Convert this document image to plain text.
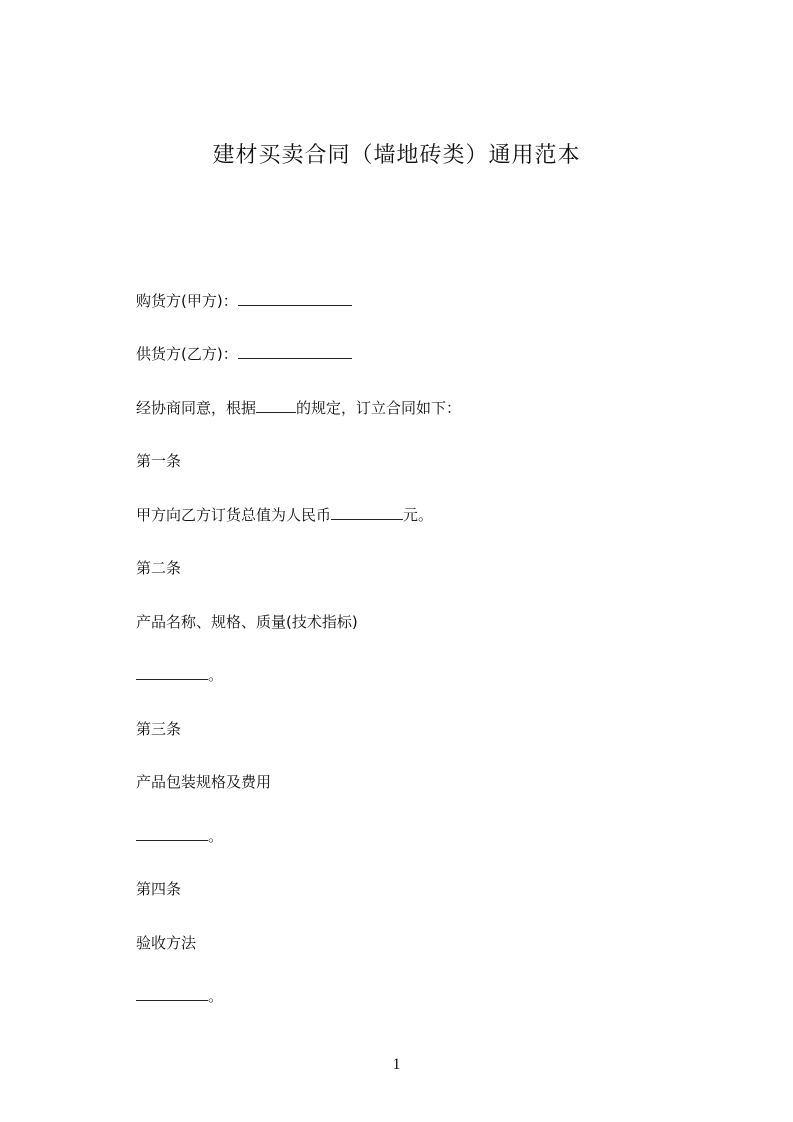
建材买卖合同（墙地砖类）通用范本
购货方(甲方)：
供货方(乙方)：
经协商同意，根据	的规定，订立合同如下：
第一条
甲方向乙方订货总值为人民币	元。
第二条
产品名称、规格、质量(技术指标)
。
第三条
产品包装规格及费用
。
第四条
验收方法
。
1
